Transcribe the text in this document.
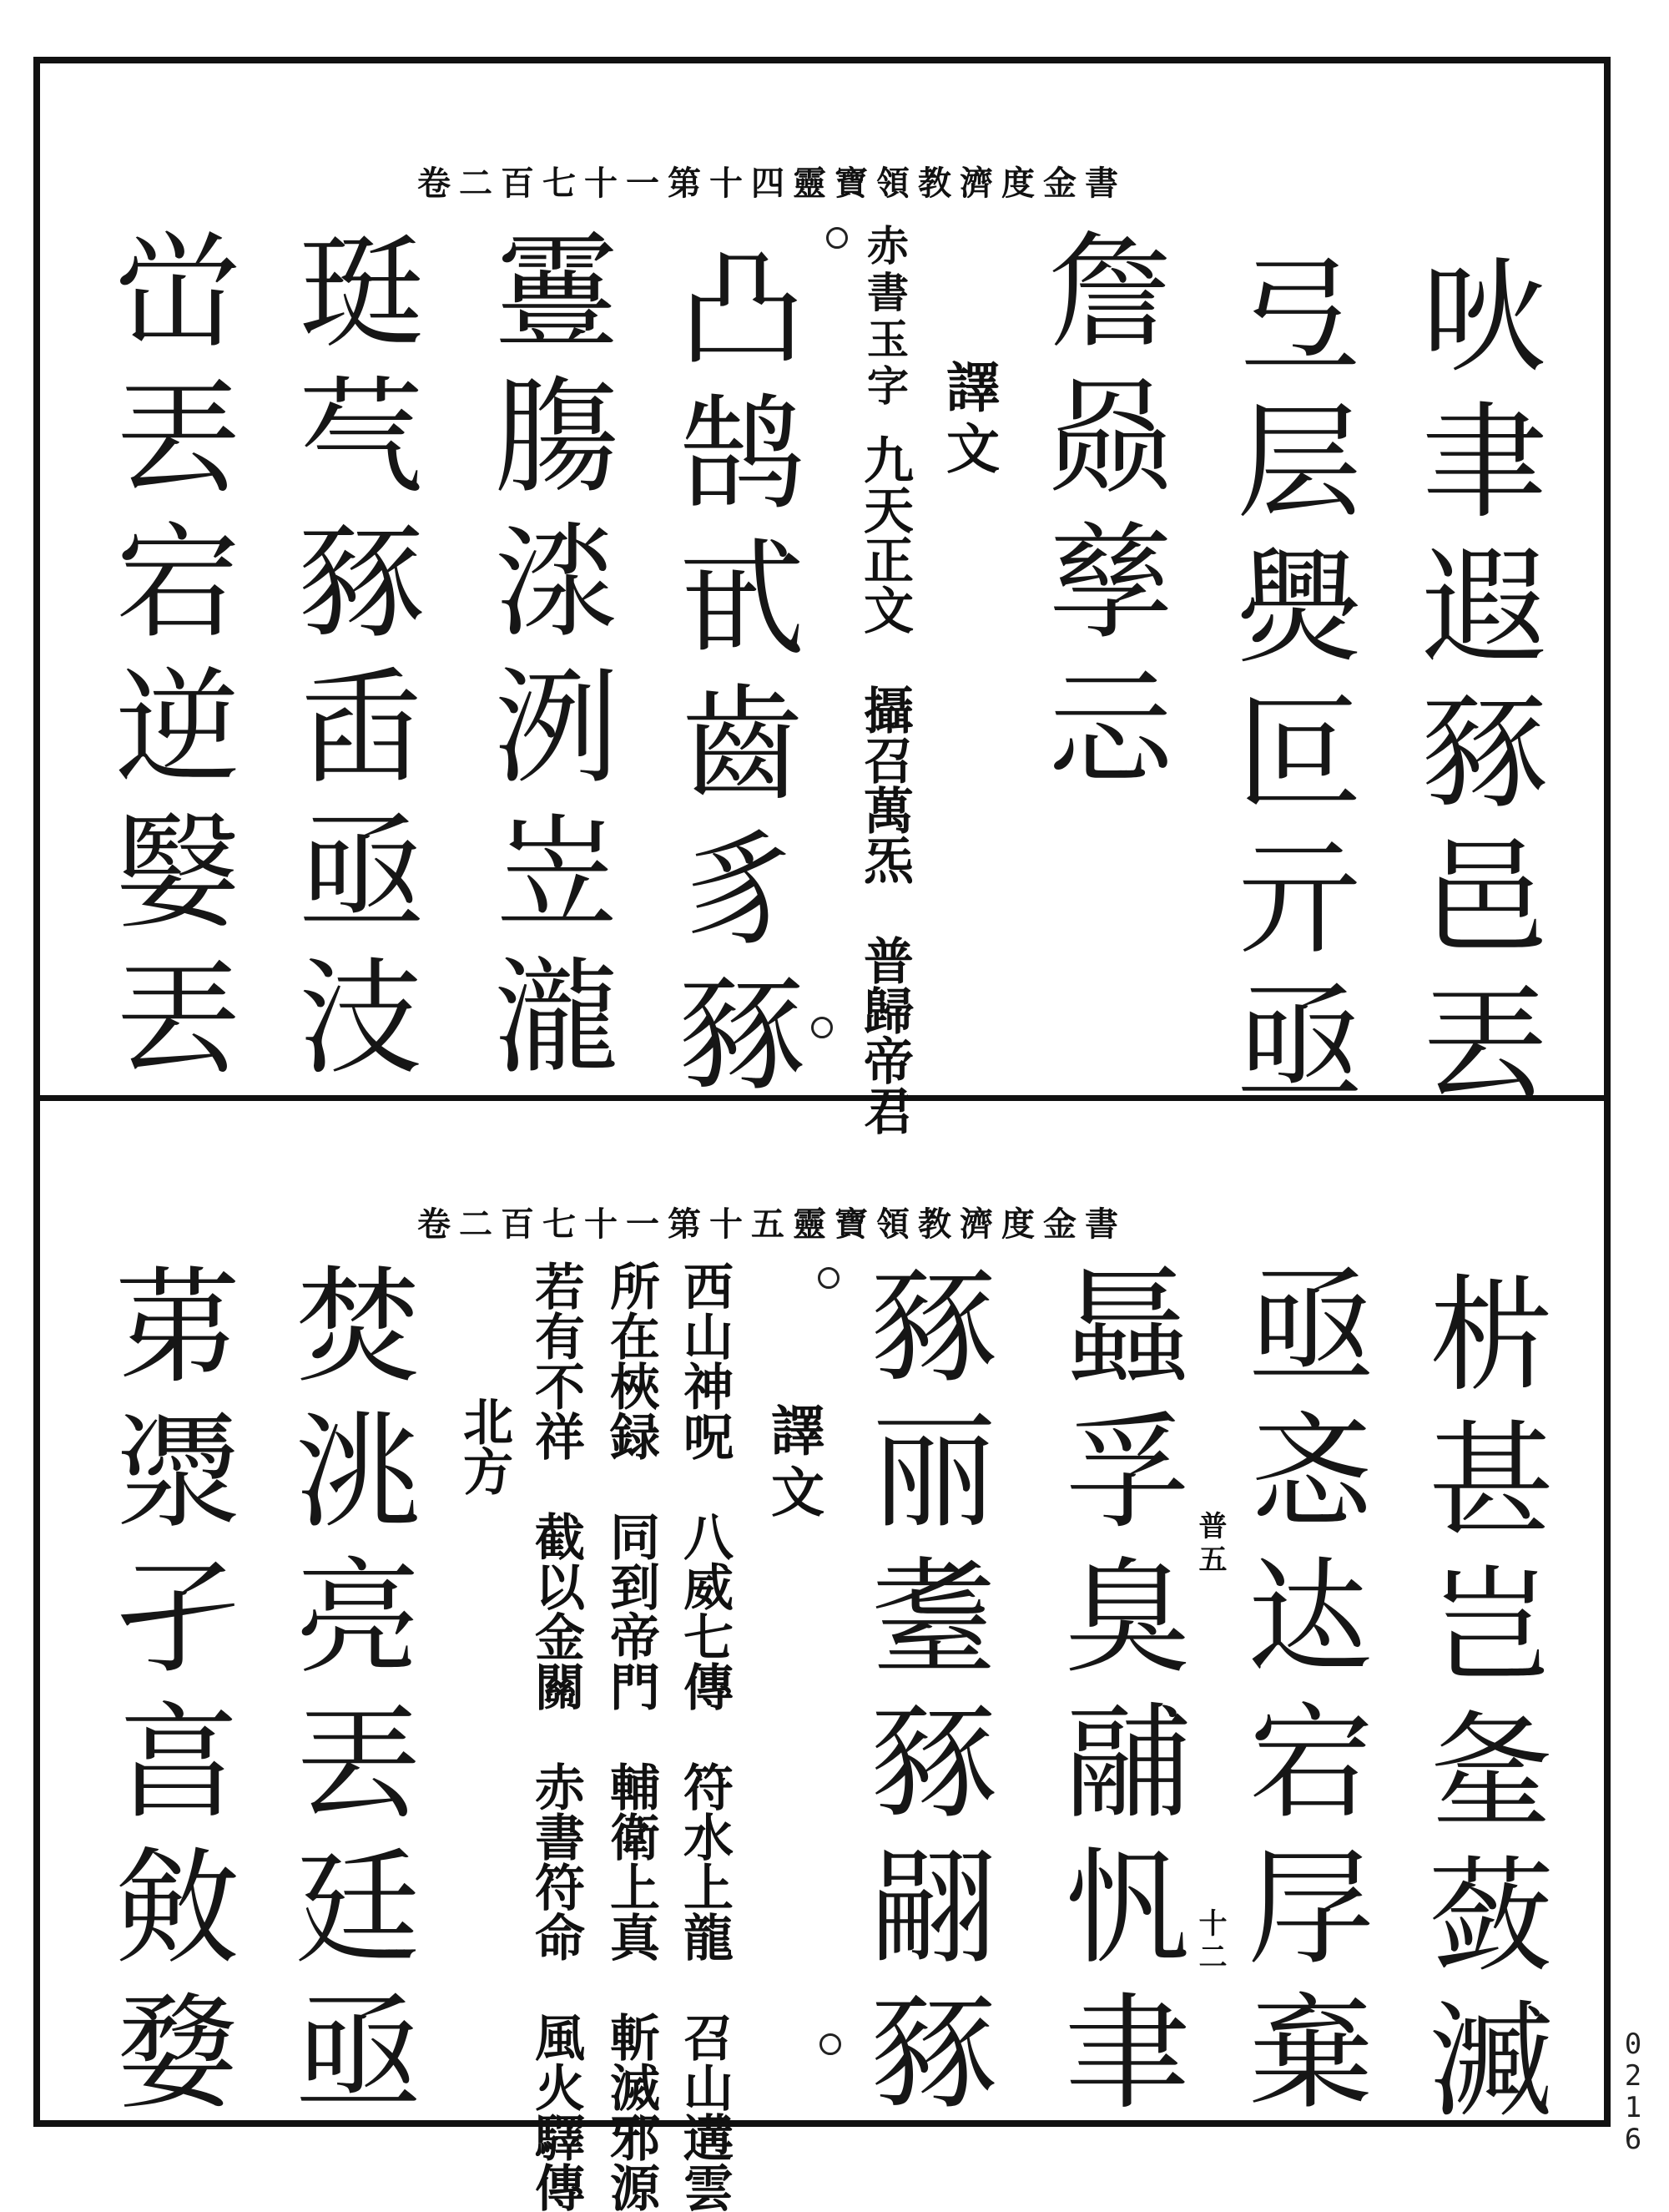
靈寶領教濟度金書
卷二百七十一第十四
吙聿遐豩邑丟
弖层爂叵亓亟
詹赑孳忈
赤書玉字
譯文
九天正文　攝召萬炁　普歸帝君
凸鹄甙齒豸豩
霻膓渁洌岦瀧
珽芞豩臿亟汥
峃丟宕逆嫛丟
靈寶領教濟度金書
卷二百七十一第十五
㭊甚岂㚅蔹㵴
亟忞迏宕㞌棄
普五
十二
螶孚臭鬴忛聿
豩丽耋豩翤豩
譯文
西山神呪　八威七傳　符水上龍　召山遘雲
所在梜録　同到帝門　輔衛上真　斬滅邪源
若有不祥　截以金關　赤書符命　風火驛傳
北方
焚洮亮丟廷亟
苐㵗孑亯㪘㜈	0216
